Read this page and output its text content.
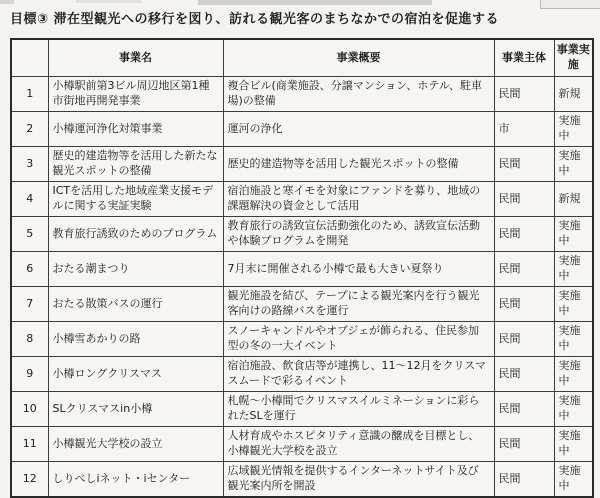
目標③ 滞在型観光への移行を図り、訪れる観光客のまちなかでの宿泊を促進する
	事業名	事業概要	事業主体	事業実施
1	小樽駅前第3ビル周辺地区第1種市街地再開発事業	複合ビル(商業施設、分譲マンション、ホテル、駐車場)の整備	民間	新規
2	小樽運河浄化対策事業	運河の浄化	市	実施中
3	歴史的建造物等を活用した新たな観光スポットの整備	歴史的建造物等を活用した観光スポットの整備	民間	実施中
4	ICTを活用した地域産業支援モデルに関する実証実験	宿泊施設と寒イモを対象にファンドを募り、地域の課題解決の資金として活用	民間	新規
5	教育旅行誘致のためのプログラム	教育旅行の誘致宣伝活動強化のため、誘致宣伝活動や体験プログラムを開発	民間	実施中
6	おたる潮まつり	7月末に開催される小樽で最も大きい夏祭り	民間	実施中
7	おたる散策バスの運行	観光施設を結び、テープによる観光案内を行う観光客向けの路線バスを運行	民間	実施中
8	小樽雪あかりの路	スノーキャンドルやオブジェが飾られる、住民参加型の冬の一大イベント	民間	実施中
9	小樽ロングクリスマス	宿泊施設、飲食店等が連携し、11～12月をクリスマスムードで彩るイベント	民間	実施中
10	SLクリスマスin小樽	札幌～小樽間でクリスマスイルミネーションに彩られたSLを運行	民間	実施中
11	小樽観光大学校の設立	人材育成やホスピタリティ意識の醸成を目標とし、小樽観光大学校を設立	民間	実施中
12	しりべしiネット・iセンター	広域観光情報を提供するインターネットサイト及び観光案内所を開設	民間	実施中
